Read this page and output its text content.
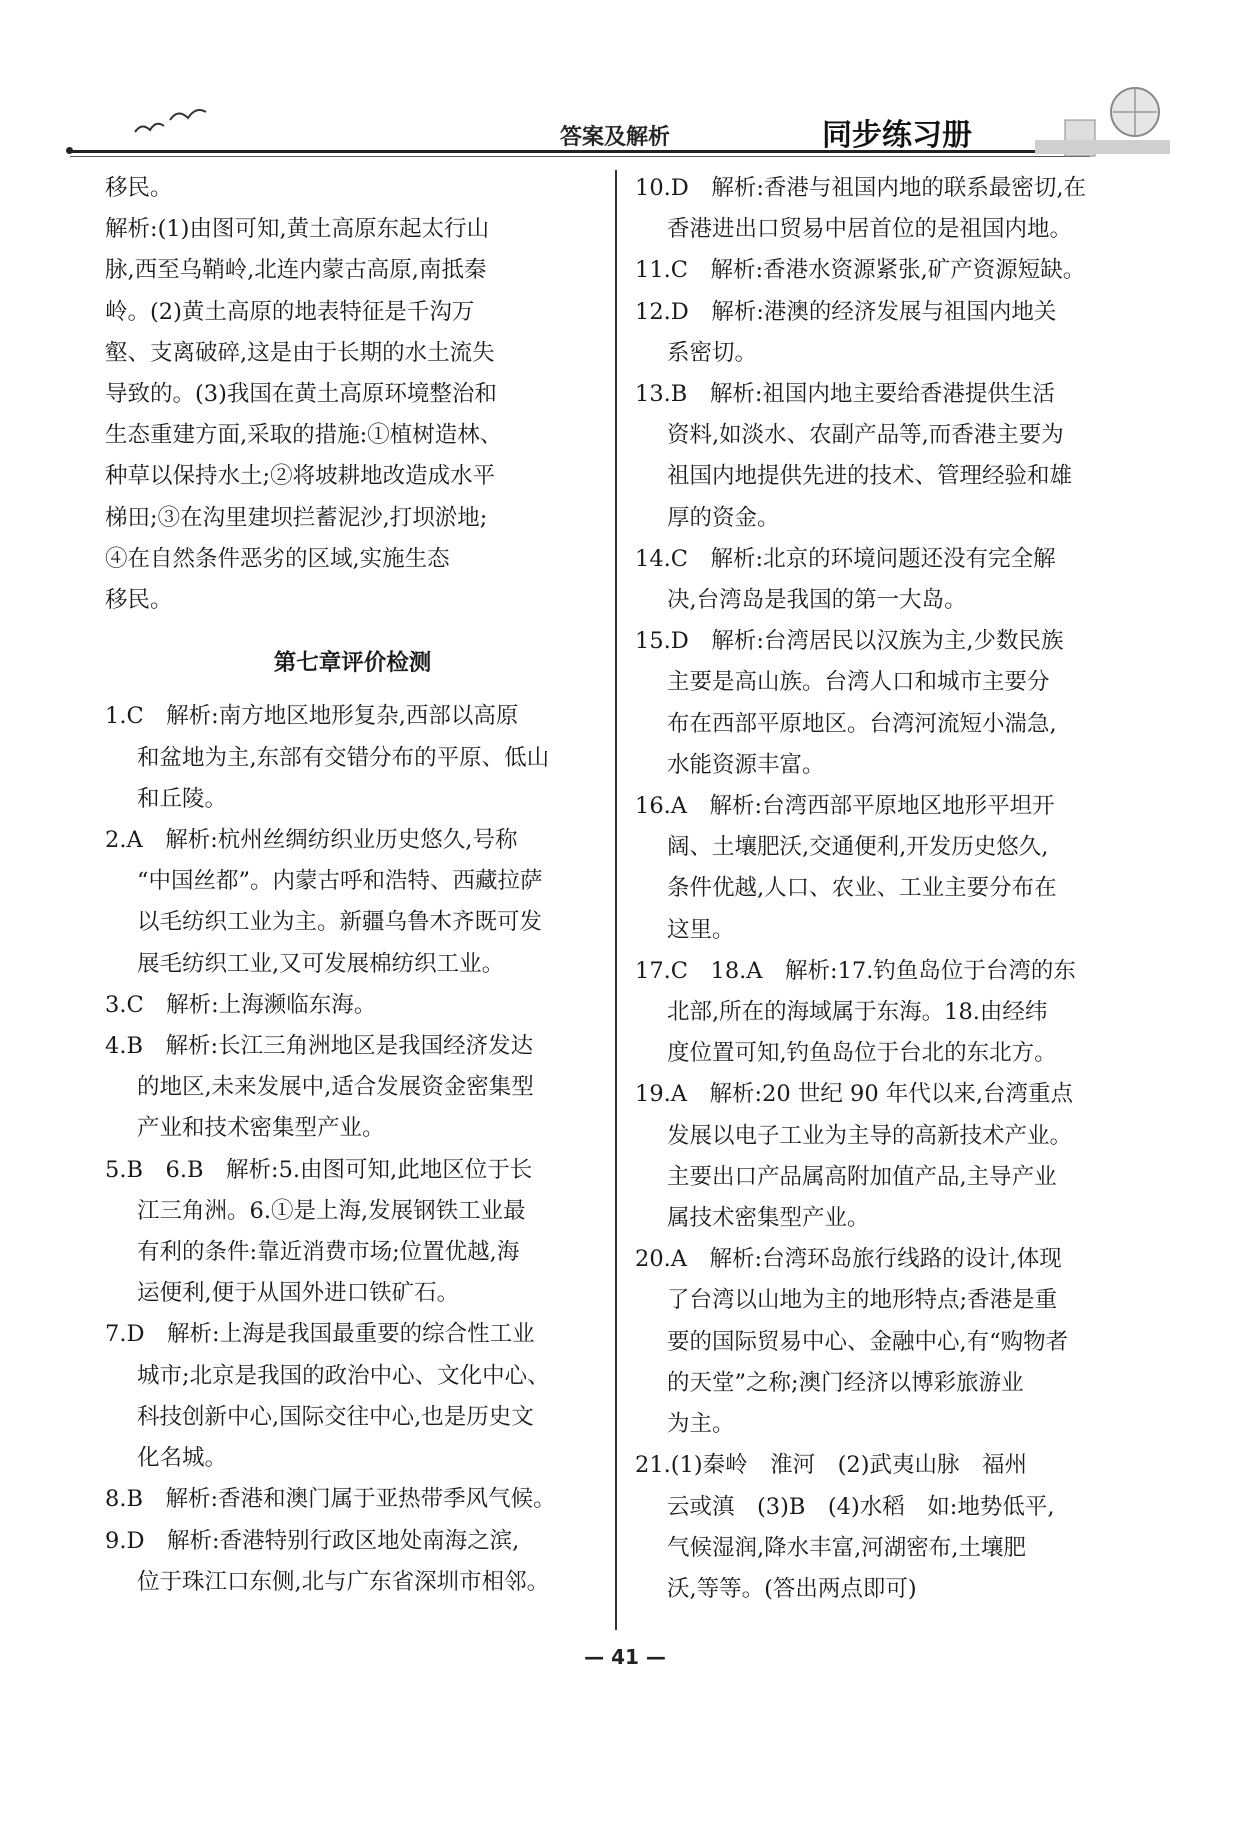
答案及解析	同步练习册

移民。

解析:(1)由图可知,黄土高原东起太行山

脉,西至乌鞘岭,北连内蒙古高原,南抵秦

岭。(2)黄土高原的地表特征是千沟万

壑、支离破碎,这是由于长期的水土流失

导致的。(3)我国在黄土高原环境整治和

生态重建方面,采取的措施:①植树造林、

种草以保持水土;②将坡耕地改造成水平

梯田;③在沟里建坝拦蓄泥沙,打坝淤地;

④在自然条件恶劣的区域,实施生态

移民。

第七章评价检测

1.C　解析:南方地区地形复杂,西部以高原

和盆地为主,东部有交错分布的平原、低山

和丘陵。

2.A　解析:杭州丝绸纺织业历史悠久,号称

“中国丝都”。内蒙古呼和浩特、西藏拉萨

以毛纺织工业为主。新疆乌鲁木齐既可发

展毛纺织工业,又可发展棉纺织工业。

3.C　解析:上海濒临东海。

4.B　解析:长江三角洲地区是我国经济发达

的地区,未来发展中,适合发展资金密集型

产业和技术密集型产业。

5.B　6.B　解析:5.由图可知,此地区位于长

江三角洲。6.①是上海,发展钢铁工业最

有利的条件:靠近消费市场;位置优越,海

运便利,便于从国外进口铁矿石。

7.D　解析:上海是我国最重要的综合性工业

城市;北京是我国的政治中心、文化中心、

科技创新中心,国际交往中心,也是历史文

化名城。

8.B　解析:香港和澳门属于亚热带季风气候。

9.D　解析:香港特别行政区地处南海之滨,

位于珠江口东侧,北与广东省深圳市相邻。

10.D　解析:香港与祖国内地的联系最密切,在

香港进出口贸易中居首位的是祖国内地。

11.C　解析:香港水资源紧张,矿产资源短缺。

12.D　解析:港澳的经济发展与祖国内地关

系密切。

13.B　解析:祖国内地主要给香港提供生活

资料,如淡水、农副产品等,而香港主要为

祖国内地提供先进的技术、管理经验和雄

厚的资金。

14.C　解析:北京的环境问题还没有完全解

决,台湾岛是我国的第一大岛。

15.D　解析:台湾居民以汉族为主,少数民族

主要是高山族。台湾人口和城市主要分

布在西部平原地区。台湾河流短小湍急,

水能资源丰富。

16.A　解析:台湾西部平原地区地形平坦开

阔、土壤肥沃,交通便利,开发历史悠久,

条件优越,人口、农业、工业主要分布在

这里。

17.C　18.A　解析:17.钓鱼岛位于台湾的东

北部,所在的海域属于东海。18.由经纬

度位置可知,钓鱼岛位于台北的东北方。

19.A　解析:20 世纪 90 年代以来,台湾重点

发展以电子工业为主导的高新技术产业。

主要出口产品属高附加值产品,主导产业

属技术密集型产业。

20.A　解析:台湾环岛旅行线路的设计,体现

了台湾以山地为主的地形特点;香港是重

要的国际贸易中心、金融中心,有“购物者

的天堂”之称;澳门经济以博彩旅游业

为主。

21.(1)秦岭　淮河　(2)武夷山脉　福州

云或滇　(3)B　(4)水稻　如:地势低平,

气候湿润,降水丰富,河湖密布,土壤肥

沃,等等。(答出两点即可)

— 41 —
